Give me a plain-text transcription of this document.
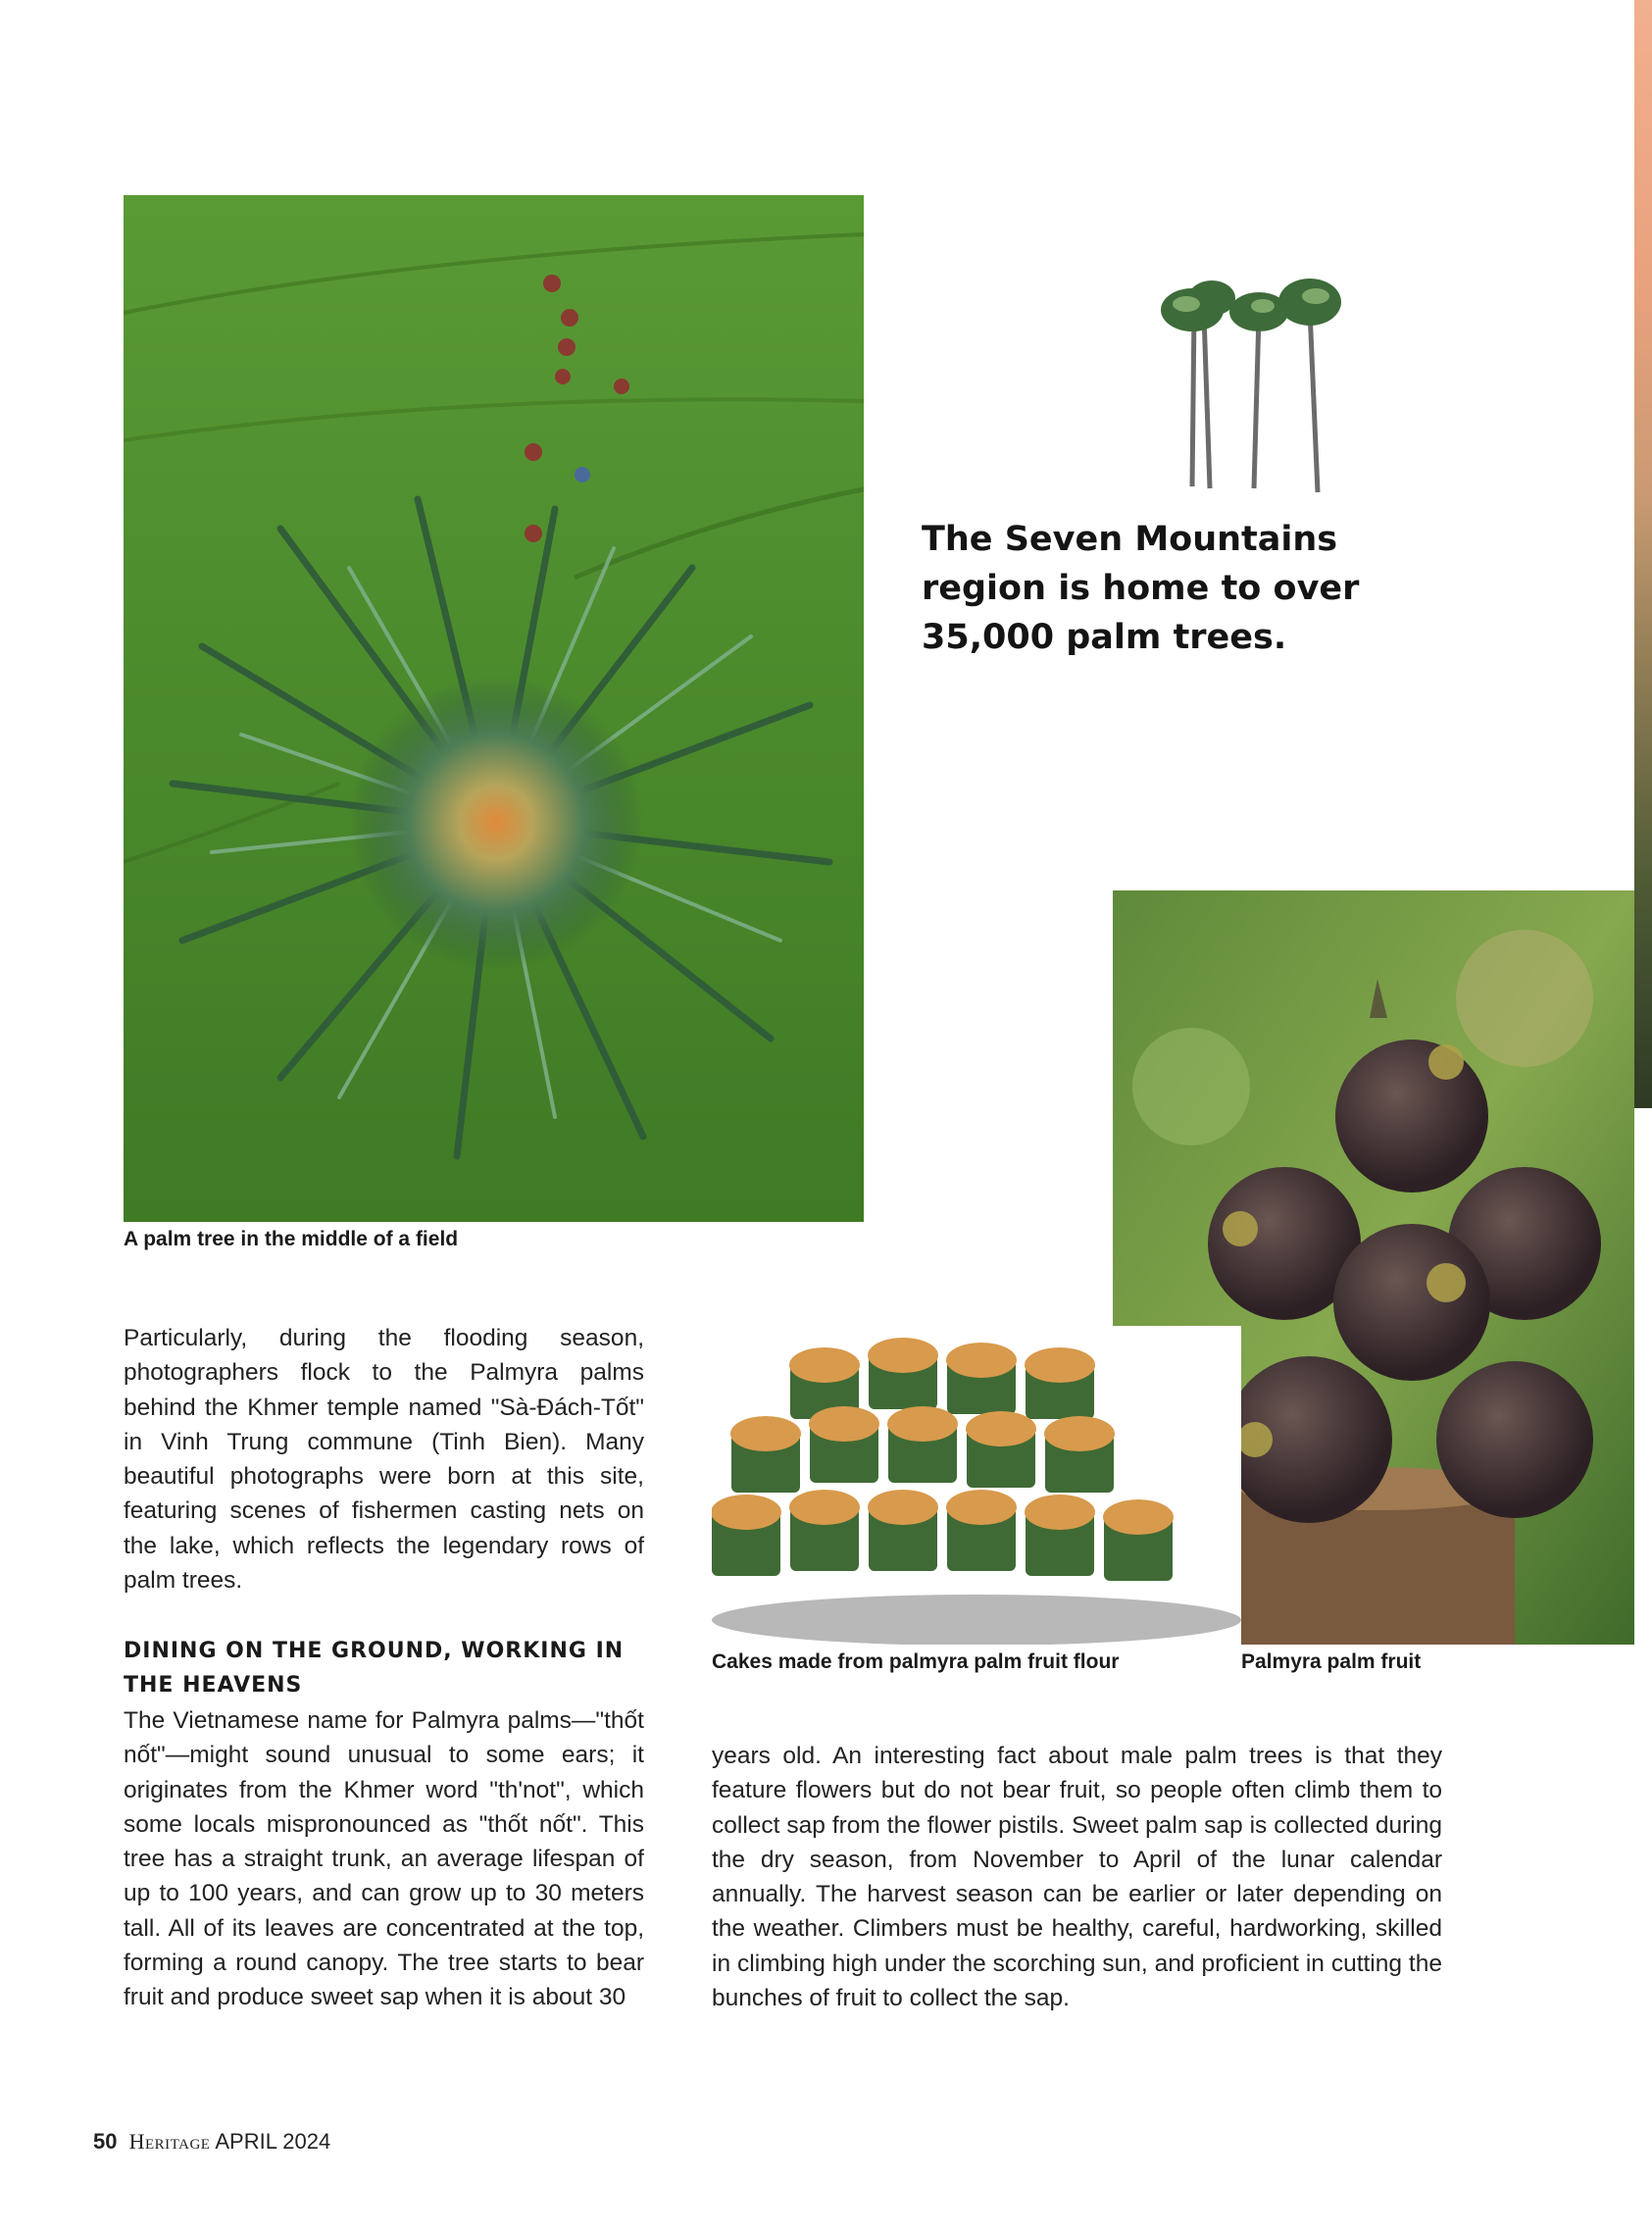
A palm tree in the middle of a field
The Seven Mountains region is home to over 35,000 palm trees.
Cakes made from palmyra palm fruit flour	Palmyra palm fruit

Particularly, during the flooding season, photographers flock to the Palmyra palms behind the Khmer temple named "Sà-Đách-Tốt" in Vinh Trung commune (Tinh Bien). Many beautiful photographs were born at this site, featuring scenes of fishermen casting nets on the lake, which reflects the legendary rows of palm trees.

DINING ON THE GROUND, WORKING IN THE HEAVENS

The Vietnamese name for Palmyra palms—"thốt nốt"—might sound unusual to some ears; it originates from the Khmer word "th'not", which some locals mispronounced as "thốt nốt". This tree has a straight trunk, an average lifespan of up to 100 years, and can grow up to 30 meters tall. All of its leaves are concentrated at the top, forming a round canopy. The tree starts to bear fruit and produce sweet sap when it is about 30

years old. An interesting fact about male palm trees is that they feature flowers but do not bear fruit, so people often climb them to collect sap from the flower pistils. Sweet palm sap is collected during the dry season, from November to April of the lunar calendar annually. The harvest season can be earlier or later depending on the weather. Climbers must be healthy, careful, hardworking, skilled in climbing high under the scorching sun, and proficient in cutting the bunches of fruit to collect the sap.

50 Heritage APRIL 2024
